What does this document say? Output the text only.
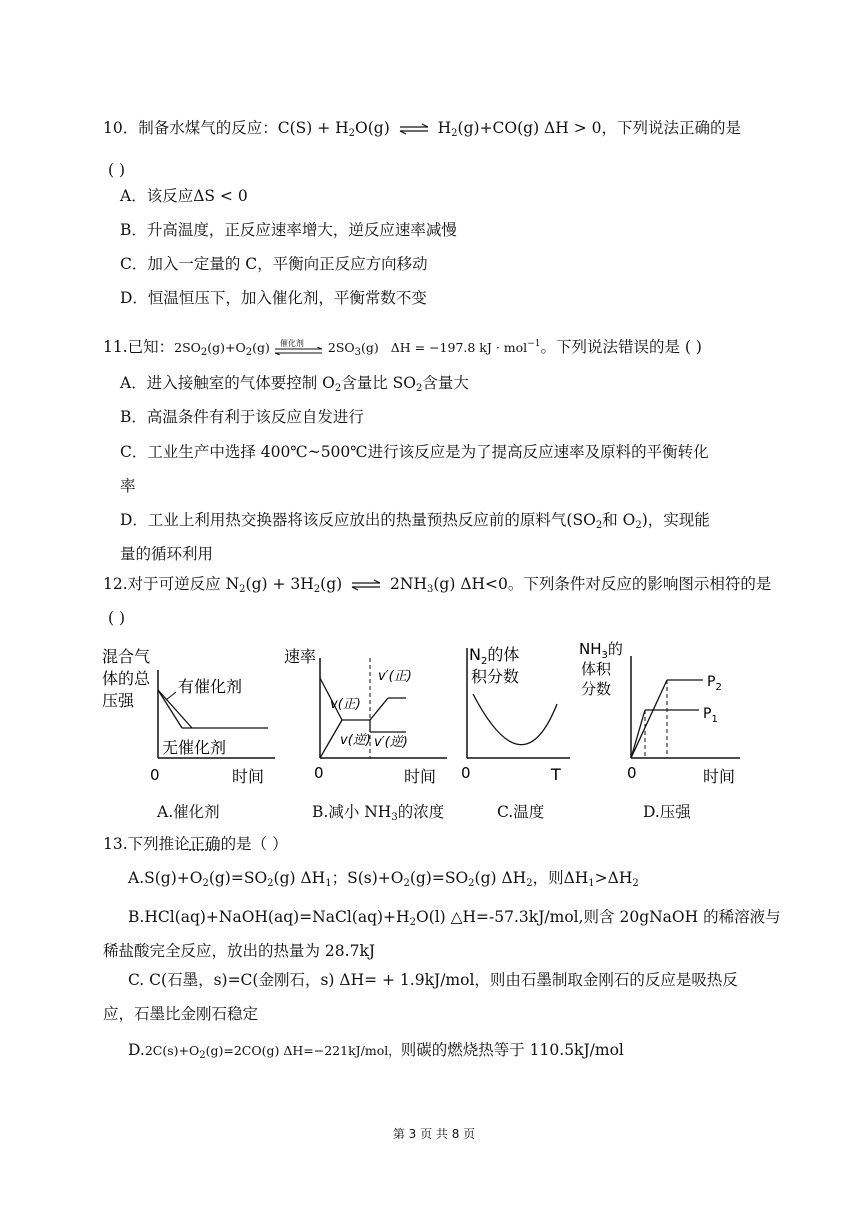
10．制备水煤气的反应：$C(S) + H_2O(g)$ ⇌ $H_2(g)+CO(g) \Delta H > 0$，下列说法正确的是
( )
A．该反应ΔS < 0
B．升高温度，正反应速率增大，逆反应速率减慢
C．加入一定量的 C，平衡向正反应方向移动
D．恒温恒压下，加入催化剂，平衡常数不变
11.已知：$2SO_2(g)+O_2(g)$ 催化剂 $2SO_3(g) \Delta H = -197.8$ kJ · mol$^{-1}$。下列说法错误的是 ( )
A．进入接触室的气体要控制 $O_2$含量比 $SO_2$含量大
B．高温条件有利于该反应自发进行
C．工业生产中选择 400℃~500℃进行该反应是为了提高反应速率及原料的平衡转化
率
D．工业上利用热交换器将该反应放出的热量预热反应前的原料气($SO_2$和 $O_2$)，实现能
量的循环利用
12.对于可逆反应 $N_2(g) + 3H_2(g)$ ⇌ $2NH_3(g)$ ΔH<0。下列条件对反应的影响图示相符的是
( )
混合气
体的总
压强
有催化剂
无催化剂
0	时间
A.催化剂
速率
v(正)
v(逆)
v′(正)
v′(逆)
0	时间
B.减小 $NH_3$的浓度
$N_2$的体
积分数
0	T
C.温度
$NH_3$的
体积
分数	$P_2$
$P_1$
0	时间
D.压强
13.下列推论正确的是（ ）
$A.S(g)+O_2(g)=SO_2(g)$ $\Delta H_1$；$S(s)+O_2(g)=SO_2(g)$ $\Delta H_2$，则$\Delta H_1>\Delta H_2$
$B.HCl(aq)+NaOH(aq)=NaCl(aq)+H_2O(l)$ △H=-57.3kJ/mol,则含 20gNaOH 的稀溶液与
稀盐酸完全反应，放出的热量为 28.7kJ
C. C(石墨，s)=C(金刚石，s) ΔH= + 1.9kJ/mol，则由石墨制取金刚石的反应是吸热反
应，石墨比金刚石稳定
$D.2C(s)+O_2(g)=2CO(g)$ ΔH=−221kJ/mol，则碳的燃烧热等于 110.5kJ/mol
第 3 页 共 8 页
